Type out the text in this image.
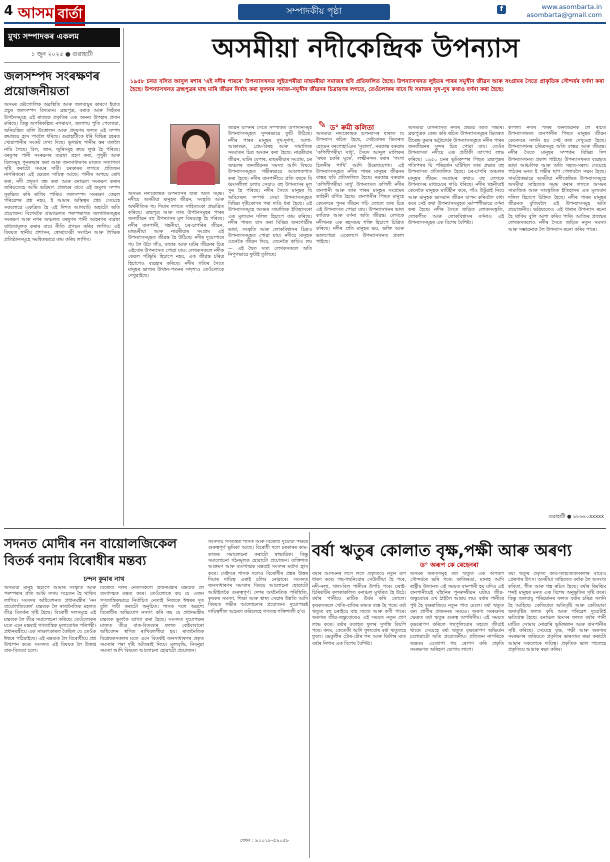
4 আসম বার্তা	সম্পাদকীয় পৃষ্ঠা	f	www.asombarta.in
asombarta@gmail.com
মুখ্য সম্পাদকৰ একলম
১ জুন ২০২৫ ● গুৱাহাটী
জলসম্পদ সংৰক্ষণৰ প্ৰয়োজনীয়তা
অসমৰ ভৌগোলিক অৱস্থিতি আৰু জলবায়ুৰ কাৰণে ইয়াত প্ৰচুৰ জলসম্পদ বিদ্যমান। ব্ৰহ্মপুত্ৰ, বৰাক আৰু সিহঁতৰ উপনৈসমূহে এই ৰাজ্যক প্ৰকৃতিৰ এক অনন্য উপহাৰ প্ৰদান কৰিছে। কিন্তু অপৰিকল্পিত নগৰায়ণ, জলাশয় পুতি পেলোৱা, অনিয়ন্ত্ৰিত বালি উত্তোলন আৰু প্ৰদূষণৰ ফলত এই সম্পদ ক্ৰমান্বয়ে হ্ৰাস পাবলৈ ধৰিছে। গুৱাহাটীকে ধৰি বিভিন্ন চহৰত খোৱাপানীৰ সংকট দেখা দিছে। ভূগৰ্ভস্থ পানীৰ স্তৰ তললৈ নামি গৈছে। বিল, জান, জুৰিসমূহ ক্ৰমে লুপ্ত হৈ পৰিছে। বৰষুণৰ পানী সংৰক্ষণৰ ব্যৱস্থা গ্ৰহণ কৰা, পুখুৰী আৰু বিলসমূহ পুনৰুদ্ধাৰ কৰা আৰু জনসাধাৰণৰ মাজত সজাগতা সৃষ্টি কৰাটো সময়ৰ দাবী। চৰকাৰৰ লগতে প্ৰতিজন নাগৰিকৰো এই ক্ষেত্ৰত দায়িত্ব আছে। পানীৰ অপচয় ৰোধ কৰা, নদী প্ৰদূষণ বন্ধ কৰা আৰু বনাঞ্চল সংৰক্ষণ কৰাৰ জৰিয়তেহে আমি ভৱিষ্যৎ প্ৰজন্মৰ বাবে এই অমূল্য সম্পদ সুৰক্ষিত কৰি ৰাখিব পাৰিম। জলসম্পদ সংৰক্ষণ কেৱল পৰিৱেশৰ প্ৰশ্ন নহয়, ই আমাৰ অস্তিত্বৰ প্ৰশ্ন। সেয়েহে সকলোৱে একত্ৰিত হৈ এই দিশত আগবাঢ়ি অহাটো অতি প্ৰয়োজন। বিশেষকৈ গ্ৰামাঞ্চলত পৰম্পৰাগত জলাধাৰসমূহৰ সংৰক্ষণ আৰু নগৰ অঞ্চলত বৰষুণৰ পানী আহৰণৰ ব্যৱস্থা বাধ্যতামূলক কৰাৰ বাবে নীতি প্ৰণয়ন কৰিব লাগিব। এই বিষয়ত স্থানীয় প্ৰশাসন, স্বেচ্ছাসেৱী সংগঠন আৰু শৈক্ষিক প্ৰতিষ্ঠানসমূহে সমন্বিতভাৱে কাম কৰিব লাগিব।
অসমীয়া নদীকেন্দ্ৰিক উপন্যাস
১৯৫৮ চনত বসিত আনুল ৰশাৰ 'এই নদীৰ পাৰৰে' উপন্যাসখনত লুইতপৰীয়া মাছমৰীয়া সমাজৰ ছবি প্ৰতিফলিত হৈছে। উপন্যাসখনত লুইতৰ পাৰৰ সমুখীন জীৱন আৰু সংগ্ৰামৰ সৈতে প্ৰাকৃতিক সৌন্দৰ্যৰ বৰ্ণনা কৰা হৈছে। উপন্যাসখনত ব্ৰহ্মপুত্ৰৰ মাছ মাৰি জীৱন নিৰ্বাহ কৰা ফুলনৰ সমাজ-সমুখীন জীৱনৰ চিত্ৰায়ণৰ লগতে, তেওঁলোকৰ বাবে যি সমাজৰ সুখ-দুখ কথাও বৰ্ণনা কৰা হৈছে।
✎ ড° ৰুমী কলিতা
অসমৰ নদীকেন্দ্ৰিক উপন্যাসৰ ধাৰা অতি সমৃদ্ধ। নদীয়ে অসমীয়া মানুহৰ জীৱন, সংস্কৃতি আৰু অৰ্থনীতিক গঢ় দিয়াৰ লগতে সাহিত্যকো প্ৰভাৱিত কৰিছে। ব্ৰহ্মপুত্ৰ আৰু তাৰ উপনৈসমূহৰ পাৰৰ জনজীৱন বহু উপন্যাসৰ মূল বিষয়বস্তু হৈ পৰিছে। নদীৰ বানপানী, খহনীয়া, চৰ-চাপৰিৰ জীৱন, মাছমৰীয়া আৰু নাৱৰীয়াৰ সংগ্ৰাম এই উপন্যাসসমূহত জীৱন্ত হৈ উঠিছে। নদীৰ দুয়োপাৰে গঢ় লৈ উঠা গাঁও, বজাৰ আৰু ঘাটৰ জীৱনৰ চিত্ৰ এইবোৰ উপন্যাসত পোৱা যায়। লেখকসকলে নদীক কেৱল পটভূমি হিচাপে নহয়, এক জীৱন্ত চৰিত্ৰ হিচাপেও ব্যৱহাৰ কৰিছে। নদীৰ গতিৰ সৈতে মানুহৰ ভাগ্যৰ উত্থান-পতনৰ সাদৃশ্যও তেওঁলোকে দেখুৱাইছে।
জীৱন যাপনৰ সৈতে সম্পৰ্কিত উপাদানসমূহ উপন্যাসসমূহত সুন্দৰভাৱে ফুটি উঠিছে। নদীৰ পাৰৰ মানুহৰ দুখ-দুৰ্দশা, আশা-আকাংক্ষা, প্ৰেম-বিৰহ আৰু সামাজিক সংঘাতৰ চিত্ৰ অংকন কৰা হৈছে। নাৱৰীয়াৰ জীৱন, ঘাটৰ বেপাৰ, মাছমৰীয়াৰ সংগ্ৰাম, চৰ অঞ্চলৰ জনজীৱনৰ সমস্যা আদি বিষয়ে উপন্যাসসমূহত গভীৰভাৱে আলোকপাত কৰা হৈছে। নদীৰ বানপানীয়ে প্ৰতি বছৰে যি ধ্বংসলীলা চলায় সেয়াও বহু উপন্যাসৰ মূল সুৰ হৈ পৰিছে। নদীৰ সৈতে মানুহৰ যি অবিচ্ছেদ্য সম্পৰ্ক সেয়া উপন্যাসসমূহত বিভিন্ন দৃষ্টিকোণৰ পৰা দাঙি ধৰা হৈছে। এই উপন্যাসসমূহে অসমৰ সামাজিক ইতিহাসৰো এক মূল্যবান দলিল হিচাপে কাম কৰিছে। নদীৰ পাৰত বাস কৰা বিভিন্ন জনগোষ্ঠীৰ ভাষা, সংস্কৃতি আৰু লোকবিশ্বাসৰ চিত্ৰও উপন্যাসসমূহত পোৱা যায়। নদীয়ে মানুহক যেনেকৈ জীৱন দিয়ে, তেনেকৈ কাঢ়িও লয় — এই দ্বৈত সত্য লেখকসকলে অতি নিপুণভাৱে ফুটাই তুলিছে।
অসমীয়া নদীকেন্দ্ৰিক উপন্যাসৰ ধাৰাত যি উপন্যাস ৰচিত হৈছে, সেইবোৰৰ ভিতৰত হোমেন বৰগোহাঞিৰ 'সুবালা', নৱকান্ত বৰুৱাৰ 'কপিলীপৰীয়া সাধু', সৈয়দ আব্দুল মালিকৰ 'ৰথৰ চকৰি ঘূৰে', লক্ষ্মীনন্দন বৰাৰ 'গংগা চিলনীৰ পাখি' আদি উল্লেখযোগ্য। এই উপন্যাসসমূহত নদীৰ পাৰৰ মানুহৰ জীৱনৰ বাস্তৱ ছবি প্ৰতিফলিত হৈছে। নৱকান্ত বৰুৱাৰ 'কপিলীপৰীয়া সাধু' উপন্যাসত কপিলী নদীৰ বানপানী আৰু তাৰ পাৰৰ মানুহৰ সংগ্ৰামৰ কাহিনী বৰ্ণিত হৈছে। বানপানীৰ পিছত মানুহে কেনেদৰে পুনৰ জীৱন গঢ়ি তোলে তাৰ চিত্ৰ এই উপন্যাসত পোৱা যায়। উপন্যাসখনৰ ভাষা কাব্যিক আৰু বৰ্ণনা অতি জীৱন্ত। লেখকে নদীখনক এক ৰহস্যময় শক্তি হিচাপে চিত্ৰিত কৰিছে। নদীৰ প্ৰতি মানুহৰ ভয়, ভক্তি আৰু ভালপোৱা একেলগে উপন্যাসখনত প্ৰকাশ পাইছে।
অসমীয়া উপন্যাসত নদীৰ প্ৰভাৱ অতি গভীৰ। ব্ৰহ্মপুত্ৰক কেন্দ্ৰ কৰি ৰচিত উপন্যাসসমূহৰ ভিতৰত বীৰেন্দ্ৰ কুমাৰ ভট্টাচাৰ্যৰ উপন্যাসসমূহত নদীৰ পাৰৰ জনজীৱনৰ সুন্দৰ চিত্ৰ পোৱা যায়। তেওঁৰ উপন্যাসত নদীয়ে এক প্ৰতীকী তাৎপৰ্য লাভ কৰিছে। ১৯৫০ চনৰ ভূমিকম্পৰ পিছত ব্ৰহ্মপুত্ৰৰ গতিপথৰ যি পৰিৱৰ্তন ঘটিছিল তাৰ প্ৰভাৱ বহু উপন্যাসত প্ৰতিফলিত হৈছে। চৰ-চাপৰি অঞ্চলৰ মানুহৰ জীৱন সংগ্ৰামৰ কথাও বহু লেখকে উপন্যাসৰ মাধ্যমেৰে দাঙি ধৰিছে। নদীৰ খহনীয়াই কেনেকৈ মানুহক মাটিহীন কৰে, গাঁও উটুৱাই নিয়ে আৰু মানুহক ভাসমান জীৱন যাপন কৰিবলৈ বাধ্য কৰে সেই কথা উপন্যাসসমূহত মৰ্মস্পৰ্শীভাৱে বৰ্ণনা কৰা হৈছে। নদীৰ সৈতে জড়িত লোকসংস্কৃতি, লোকগীত আৰু লোকবিশ্বাসৰ বৰ্ণনাও এই উপন্যাসসমূহৰ এক বিশেষ বৈশিষ্ট্য।
কপিলী নদীৰ পাৰৰ জনজীৱনক লৈ ৰচিত উপন্যাসখনত বানপানীৰ পিছত মানুহৰ জীৱন কেনেদৰে সলনি হয় সেই কথা দেখুওৱা হৈছে। উপন্যাসখনৰ চৰিত্ৰসমূহ অতি বাস্তৱ আৰু জীৱন্ত। নদীৰ সৈতে মানুহৰ সম্পৰ্কৰ বিভিন্ন দিশ উপন্যাসখনত প্ৰকাশ পাইছে। উপন্যাসখনত ব্যৱহৃত ভাষা আঞ্চলিক আৰু অতি সহজ-সৰল। সেয়েহে পাঠকৰ মনত ই গভীৰ ছাপ পেলাবলৈ সক্ষম হৈছে। সামগ্ৰিকভাৱে অসমীয়া নদীকেন্দ্ৰিক উপন্যাসসমূহে অসমীয়া সাহিত্যক সমৃদ্ধ কৰাৰ লগতে অসমৰ সামাজিক আৰু সাংস্কৃতিক ইতিহাসৰ এক মূল্যবান দলিল হিচাপে চিহ্নিত হৈছে। নদীৰ পাৰৰ মানুহৰ জীৱনক বুজিবলৈ এই উপন্যাসসমূহ অতি প্ৰয়োজনীয়। ভৱিষ্যতেও এই ধাৰাৰ উপন্যাস ৰচনা হৈ থাকিব বুলি আশা কৰিব পাৰি। আজিৰ প্ৰজন্মৰ লেখকসকলেও নদীৰ সৈতে জড়িত নতুন সমস্যা আৰু সম্ভাৱনাক লৈ উপন্যাস ৰচনা কৰিব পাৰে।
গুৱাহাটী ● ৯৮৬৪০xxxxx
সদনত মোদীৰ নন বায়োলজিকেল বিতৰ্ক বনাম বিৰোধীৰ মন্তব্য
চন্দন কুমাৰ নাথ
অসমীয়া মানুহ হিচাপে আমাৰ সংস্কৃতি আৰু পৰম্পৰাৰ প্ৰতি আমি সদায় সচেতন হৈ থাকিব লাগিব। সংসদৰ অধিবেশনত প্ৰধানমন্ত্ৰীৰ 'নন বায়োলজিকেল' মন্তব্যক লৈ ৰাজনৈতিক মহলত তীব্ৰ বিতৰ্কৰ সৃষ্টি হৈছে। বিৰোধী দলসমূহে এই মন্তব্যক লৈ তীব্ৰ সমালোচনা কৰিছে। তেওঁলোকৰ মতে এনে মন্তব্যই গণতান্ত্ৰিক মূল্যবোধৰ পৰিপন্থী। প্ৰধানমন্ত্ৰীয়ে এক সাক্ষাৎকাৰত কৈছিল যে তেওঁক ঈশ্বৰে পঠিয়াইছে। এই মন্তব্যক লৈ বিৰোধীয়ে প্ৰশ্ন উত্থাপন কৰে। সংসদত এই বিষয়ক লৈ উত্তপ্ত বাক-বিতণ্ডা চলে।
বিৰোধী দলৰ নেতাসকলে প্ৰধানমন্ত্ৰীৰ মন্তব্যক লৈ ব্যংগাত্মক মন্তব্য কৰে। তেওঁলোকে কয় যে এজন গণতান্ত্ৰিকভাৱে নিৰ্বাচিত নেতাই নিজকে ঈশ্বৰৰ দূত বুলি দাবী কৰাটো অনুচিত। শাসক দলে অৱশ্যে বিৰোধীৰ অভিযোগ নস্যাৎ কৰি কয় যে প্ৰধানমন্ত্ৰীৰ মন্তব্যক ভুলকৈ ব্যাখ্যা কৰা হৈছে। সংসদত দুয়োপক্ষৰ মাজত তীব্ৰ বাক-বিতণ্ডাৰ ফলত কেইবাবাৰো অধিবেশন স্থগিত ৰাখিবলগীয়া হয়। ৰাজনৈতিক বিশ্লেষকসকলৰ মতে এনে বিতৰ্কই জনসাধাৰণৰ প্ৰকৃত সমস্যাৰ পৰা দৃষ্টি আঁতৰাই নিয়ে। মূল্যবৃদ্ধি, নিবনুৱা সমস্যা আদি বিষয়ত আলোচনা হোৱাটো প্ৰয়োজন।
সংসদীয় গণতন্ত্ৰত শাসক আৰু বিৰোধী দুয়োটা পক্ষৰে গুৰুত্বপূৰ্ণ ভূমিকা আছে। বিৰোধী দলে চৰকাৰৰ কাম-কাজৰ সমালোচনা কৰাটো স্বাভাৱিক। কিন্তু সমালোচনা গঠনমূলক হোৱাটো প্ৰয়োজন। ব্যক্তিগত আক্ৰমণ আৰু ব্যংগাত্মক মন্তব্যই সংসদৰ মৰ্যাদা হ্ৰাস কৰে। সেইদৰে শাসক দলেও বিৰোধীৰ প্ৰশ্নৰ উত্তৰ দিয়াৰ দায়িত্ব এৰাই চলিব নোৱাৰে। সংসদত জনসাধাৰণৰ সমস্যাৰ বিষয়ে আলোচনা হোৱাটো আটাইতকৈ গুৰুত্বপূৰ্ণ। দেশৰ অৰ্থনৈতিক পৰিস্থিতি, কৃষকৰ সমস্যা, শিক্ষা আৰু স্বাস্থ্য সেৱাৰ উন্নতি আদি বিষয়ত গভীৰ আলোচনাৰ প্ৰয়োজন। দুয়োপক্ষই দায়িত্বশীল আচৰণ কৰিলেহে গণতন্ত্ৰ শক্তিশালী হ'ব।
ফোন : ৯১০১৮-৫৯০৫৮
বৰ্ষা ঋতুৰ কোলাত বৃক্ষ,পক্ষী আৰু অৰণ্য
ড° অৰূপ কে ৰেহেনৰা
বৰ্ষাৰ আগমনৰ লগে লগে প্ৰকৃতিয়ে নতুন ৰূপ ধাৰণ কৰে। গছ-গছনিবোৰ সেউজীয়া হৈ পৰে, নদী-নলা, খাল-বিল পানীৰে উপচি পৰে। চৰাই-চিৰিকটিৰ কলকাকলিত বনাঞ্চল মুখৰিত হৈ উঠে। বৰ্ষাৰ পানীয়ে মাটিক উৰ্বৰ কৰি তোলে। কৃষকসকলে খেতি-বাতিৰ কামত ব্যস্ত হৈ পৰে। বৰ্ষা ঋতুত বহু চৰাইয়ে বাহ সাজে আৰু কণী পাৰে। অৰণ্যৰ জীৱ-জন্তুবোৰেও এই সময়ত নতুন প্ৰাণ লাভ কৰে। বৰ্ষাৰ বতাহত ফুলৰ সুগন্ধি বিয়পি পৰে। কদম, কেতেকী আদি ফুলবোৰ বৰ্ষা ঋতুতহে ফুলে। ভেকুলীৰ টোৰ-টোৰ শব্দ আৰু ঝিলিৰ মাত বৰ্ষাৰ নিশাৰ এক বিশেষ বৈশিষ্ট্য।
অসমৰ অৰণ্যসমূহ বৰ্ষা ঋতুত এক অপৰূপ সৌন্দৰ্যৰে ভৰি পৰে। কাজিৰঙা, মানাহ আদি ৰাষ্ট্ৰীয় উদ্যানত এই সময়ত বানপানী হয় যদিও এই বানপানীয়েই ঘাঁহনিৰ পুনৰুজ্জীৱন ঘটায়। জীৱ-জন্তুবোৰে ওখ ঠাইলৈ আশ্ৰয় লয়। বৰ্ষাৰ পানীৰে পুষ্ট হৈ বৃক্ষৰাজিয়ে নতুন পাত মেলে। বৰ্ষা ঋতুত বন্য প্ৰাণীৰ প্ৰজননৰ সময়ও। অৰণ্য সংৰক্ষণৰ ক্ষেত্ৰত বৰ্ষা ঋতুৰ গুৰুত্ব অপৰিসীম। এই সময়ত বৃক্ষৰোপণ কৰিলে গছপুলিবোৰ সহজে জীয়াই থাকে। সেয়েহে বৰ্ষা ঋতুত বৃক্ষৰোপণ অভিযান চলোৱাটো অতি প্ৰয়োজনীয়। প্ৰতিজন নাগৰিকে অন্ততঃ এজোপা গছ ৰোপণ কৰি প্ৰকৃতি সংৰক্ষণত অৰিহণা যোগাব লাগে।
বৰ্ষা ঋতুৰ প্ৰকৃতি কবি-সাহিত্যিকসকলৰ বাবেও প্ৰেৰণাৰ উৎস। অসমীয়া সাহিত্যত বৰ্ষাক লৈ অসংখ্য কবিতা, গীত আৰু গল্প ৰচিত হৈছে। বৰ্ষাৰ ৰিমঝিম শব্দই মানুহৰ মনত এক বিশেষ অনুভূতিৰ সৃষ্টি কৰে। কিন্তু জলবায়ু পৰিৱৰ্তনৰ ফলত বৰ্ষাৰ চৰিত্ৰ সলনি হৈ আহিছে। কেতিয়াবা অতিবৃষ্টি আৰু কেতিয়াবা অনাবৃষ্টিৰ ফলত কৃষি আৰু পৰিৱেশ দুয়োটাই ক্ষতিগ্ৰস্ত হৈছে। বনাঞ্চল ধ্বংসৰ ফলত বৰ্ষাৰ পানী মাটিত সোমাব নোৱাৰি ভূমিস্খলন আৰু বানপানীৰ সৃষ্টি কৰিছে। সেয়েহে বৃক্ষ, পক্ষী আৰু অৰণ্যৰ সংৰক্ষণৰ জৰিয়তে প্ৰকৃতিৰ ভাৰসাম্য ৰক্ষা কৰাটো আমাৰ সকলোৰে দায়িত্ব। প্ৰকৃতিক ভাল পালেহে প্ৰকৃতিয়ে আমাক ৰক্ষা কৰিব।
